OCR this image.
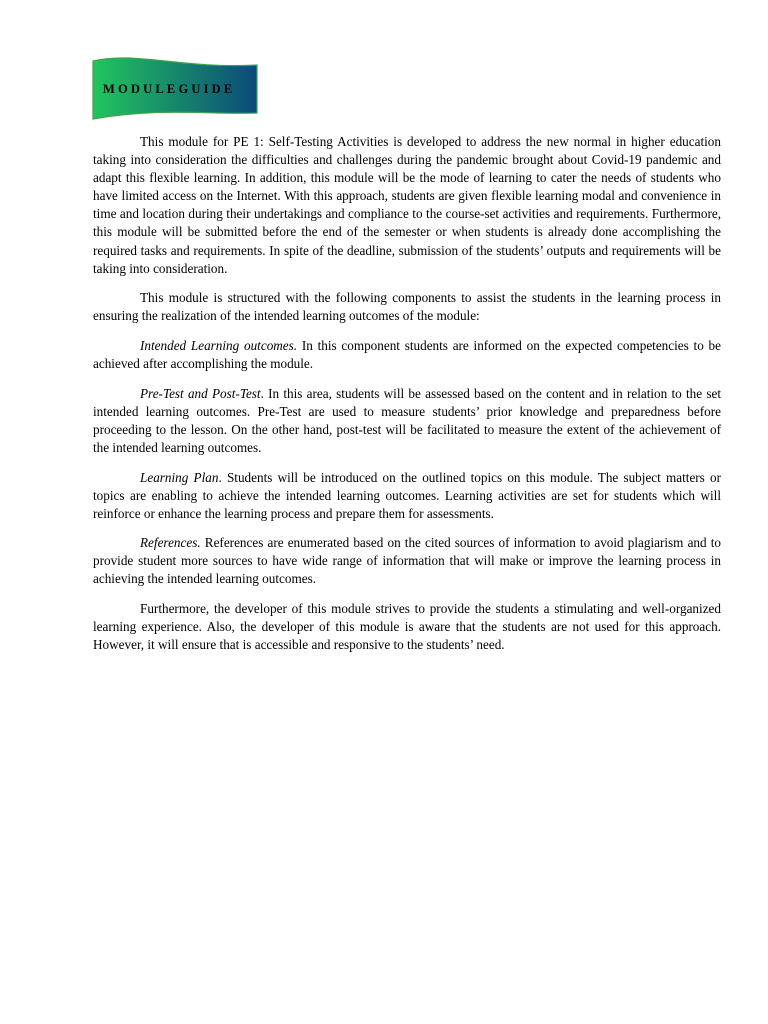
MODULEGUIDE

This module for PE 1: Self-Testing Activities is developed to address the new normal in higher education taking into consideration the difficulties and challenges during the pandemic brought about Covid-19 pandemic and adapt this flexible learning. In addition, this module will be the mode of learning to cater the needs of students who have limited access on the Internet. With this approach, students are given flexible learning modal and convenience in time and location during their undertakings and compliance to the course-set activities and requirements. Furthermore, this module will be submitted before the end of the semester or when students is already done accomplishing the required tasks and requirements. In spite of the deadline, submission of the students’ outputs and requirements will be taking into consideration.

This module is structured with the following components to assist the students in the learning process in ensuring the realization of the intended learning outcomes of the module:

Intended Learning outcomes. In this component students are informed on the expected competencies to be achieved after accomplishing the module.

Pre-Test and Post-Test. In this area, students will be assessed based on the content and in relation to the set intended learning outcomes. Pre-Test are used to measure students’ prior knowledge and preparedness before proceeding to the lesson. On the other hand, post-test will be facilitated to measure the extent of the achievement of the intended learning outcomes.

Learning Plan. Students will be introduced on the outlined topics on this module. The subject matters or topics are enabling to achieve the intended learning outcomes. Learning activities are set for students which will reinforce or enhance the learning process and prepare them for assessments.

References. References are enumerated based on the cited sources of information to avoid plagiarism and to provide student more sources to have wide range of information that will make or improve the learning process in achieving the intended learning outcomes.

Furthermore, the developer of this module strives to provide the students a stimulating and well-organized learning experience. Also, the developer of this module is aware that the students are not used for this approach. However, it will ensure that is accessible and responsive to the students’ need.
